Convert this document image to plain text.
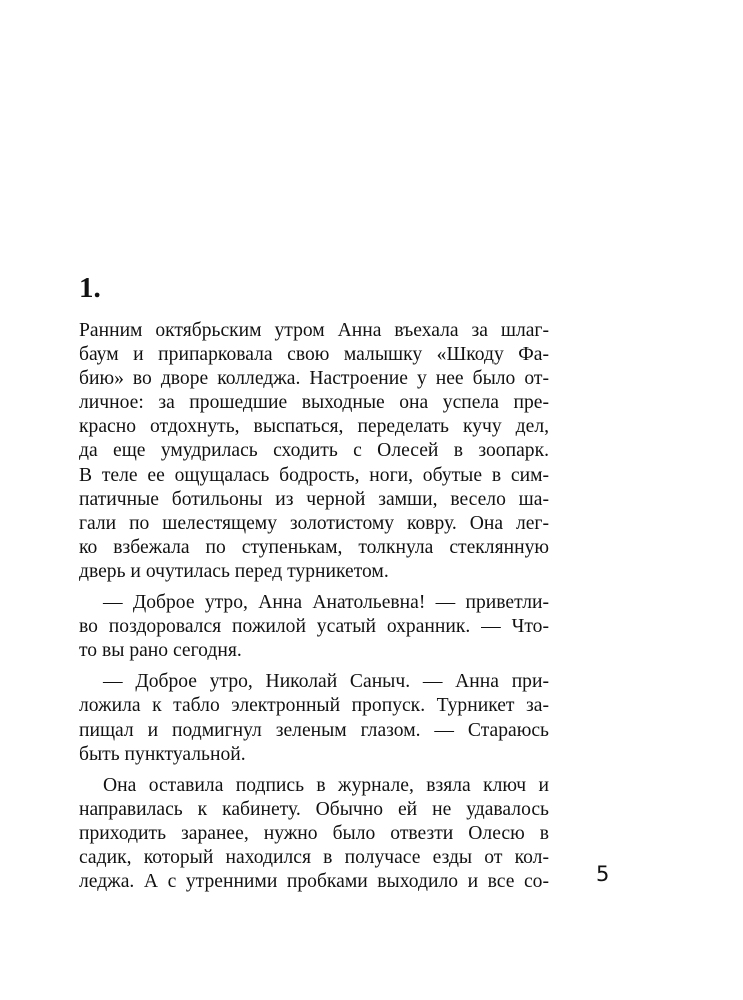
1.
Ранним октябрьским утром Анна въехала за шлаг-
баум и припарковала свою малышку «Шкоду Фа-
бию» во дворе колледжа. Настроение у нее было от-
личное: за прошедшие выходные она успела пре-
красно отдохнуть, выспаться, переделать кучу дел,
да еще умудрилась сходить с Олесей в зоопарк.
В теле ее ощущалась бодрость, ноги, обутые в сим-
патичные ботильоны из черной замши, весело ша-
гали по шелестящему золотистому ковру. Она лег-
ко взбежала по ступенькам, толкнула стеклянную
дверь и очутилась перед турникетом.
— Доброе утро, Анна Анатольевна! — приветли-
во поздоровался пожилой усатый охранник. — Что-
то вы рано сегодня.
— Доброе утро, Николай Саныч. — Анна при-
ложила к табло электронный пропуск. Турникет за-
пищал и подмигнул зеленым глазом. — Стараюсь
быть пунктуальной.
Она оставила подпись в журнале, взяла ключ и
направилась к кабинету. Обычно ей не удавалось
приходить заранее, нужно было отвезти Олесю в
садик, который находился в получасе езды от кол-
леджа. А с утренними пробками выходило и все со- 5
